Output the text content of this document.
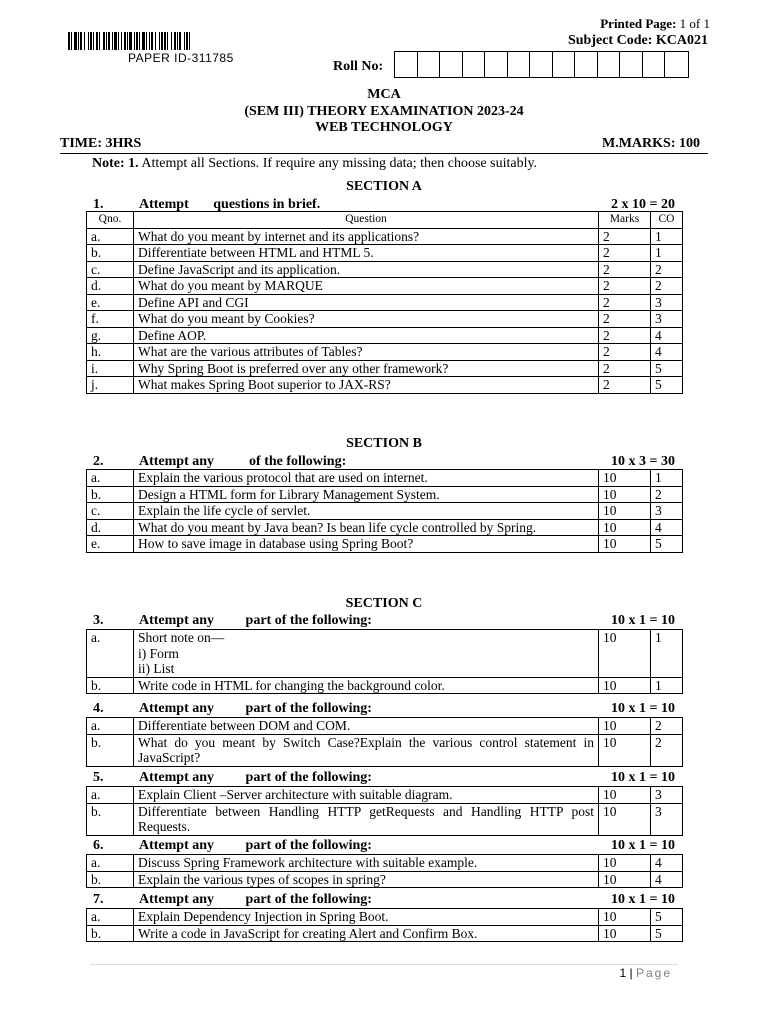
PAPER ID-311785
Printed Page: 1 of 1
Subject Code: KCA021
Roll No:
MCA
(SEM III) THEORY EXAMINATION 2023-24
WEB TECHNOLOGY
TIME: 3HRS	M.MARKS: 100
Note: 1. Attempt all Sections. If require any missing data; then choose suitably.
SECTION A
1.	Attempt       questions in brief.	2 x 10 = 20
Qno.	Question	Marks	CO
a.	What do you meant by internet and its applications?	2	1
b.	Differentiate between HTML and HTML 5.	2	1
c.	Define JavaScript and its application.	2	2
d.	What do you meant by MARQUE	2	2
e.	Define API and CGI	2	3
f.	What do you meant by Cookies?	2	3
g.	Define AOP.	2	4
h.	What are the various attributes of Tables?	2	4
i.	Why Spring Boot is preferred over any other framework?	2	5
j.	What makes Spring Boot superior to JAX-RS?	2	5
SECTION B
2.	Attempt any          of the following:	10 x 3 = 30
a.	Explain the various protocol that are used on internet.	10	1
b.	Design a HTML form for Library Management System.	10	2
c.	Explain the life cycle of servlet.	10	3
d.	What do you meant by Java bean? Is bean life cycle controlled by Spring.	10	4
e.	How to save image in database using Spring Boot?	10	5
SECTION C
3.	Attempt any         part of the following:	10 x 1 = 10
a.	Short note on—
i) Form
ii) List	10	1
b.	Write code in HTML for changing the background color.	10	1
4.	Attempt any         part of the following:	10 x 1 = 10
a.	Differentiate between DOM and COM.	10	2
b.	What do you meant by Switch Case?Explain the various control statement in JavaScript?	10	2
5.	Attempt any         part of the following:	10 x 1 = 10
a.	Explain Client –Server architecture with suitable diagram.	10	3
b.	Differentiate between Handling HTTP getRequests and Handling HTTP post Requests.	10	3
6.	Attempt any         part of the following:	10 x 1 = 10
a.	Discuss Spring Framework architecture with suitable example.	10	4
b.	Explain the various types of scopes in spring?	10	4
7.	Attempt any         part of the following:	10 x 1 = 10
a.	Explain Dependency Injection in Spring Boot.	10	5
b.	Write a code in JavaScript for creating Alert and Confirm Box.	10	5
1 | Page
